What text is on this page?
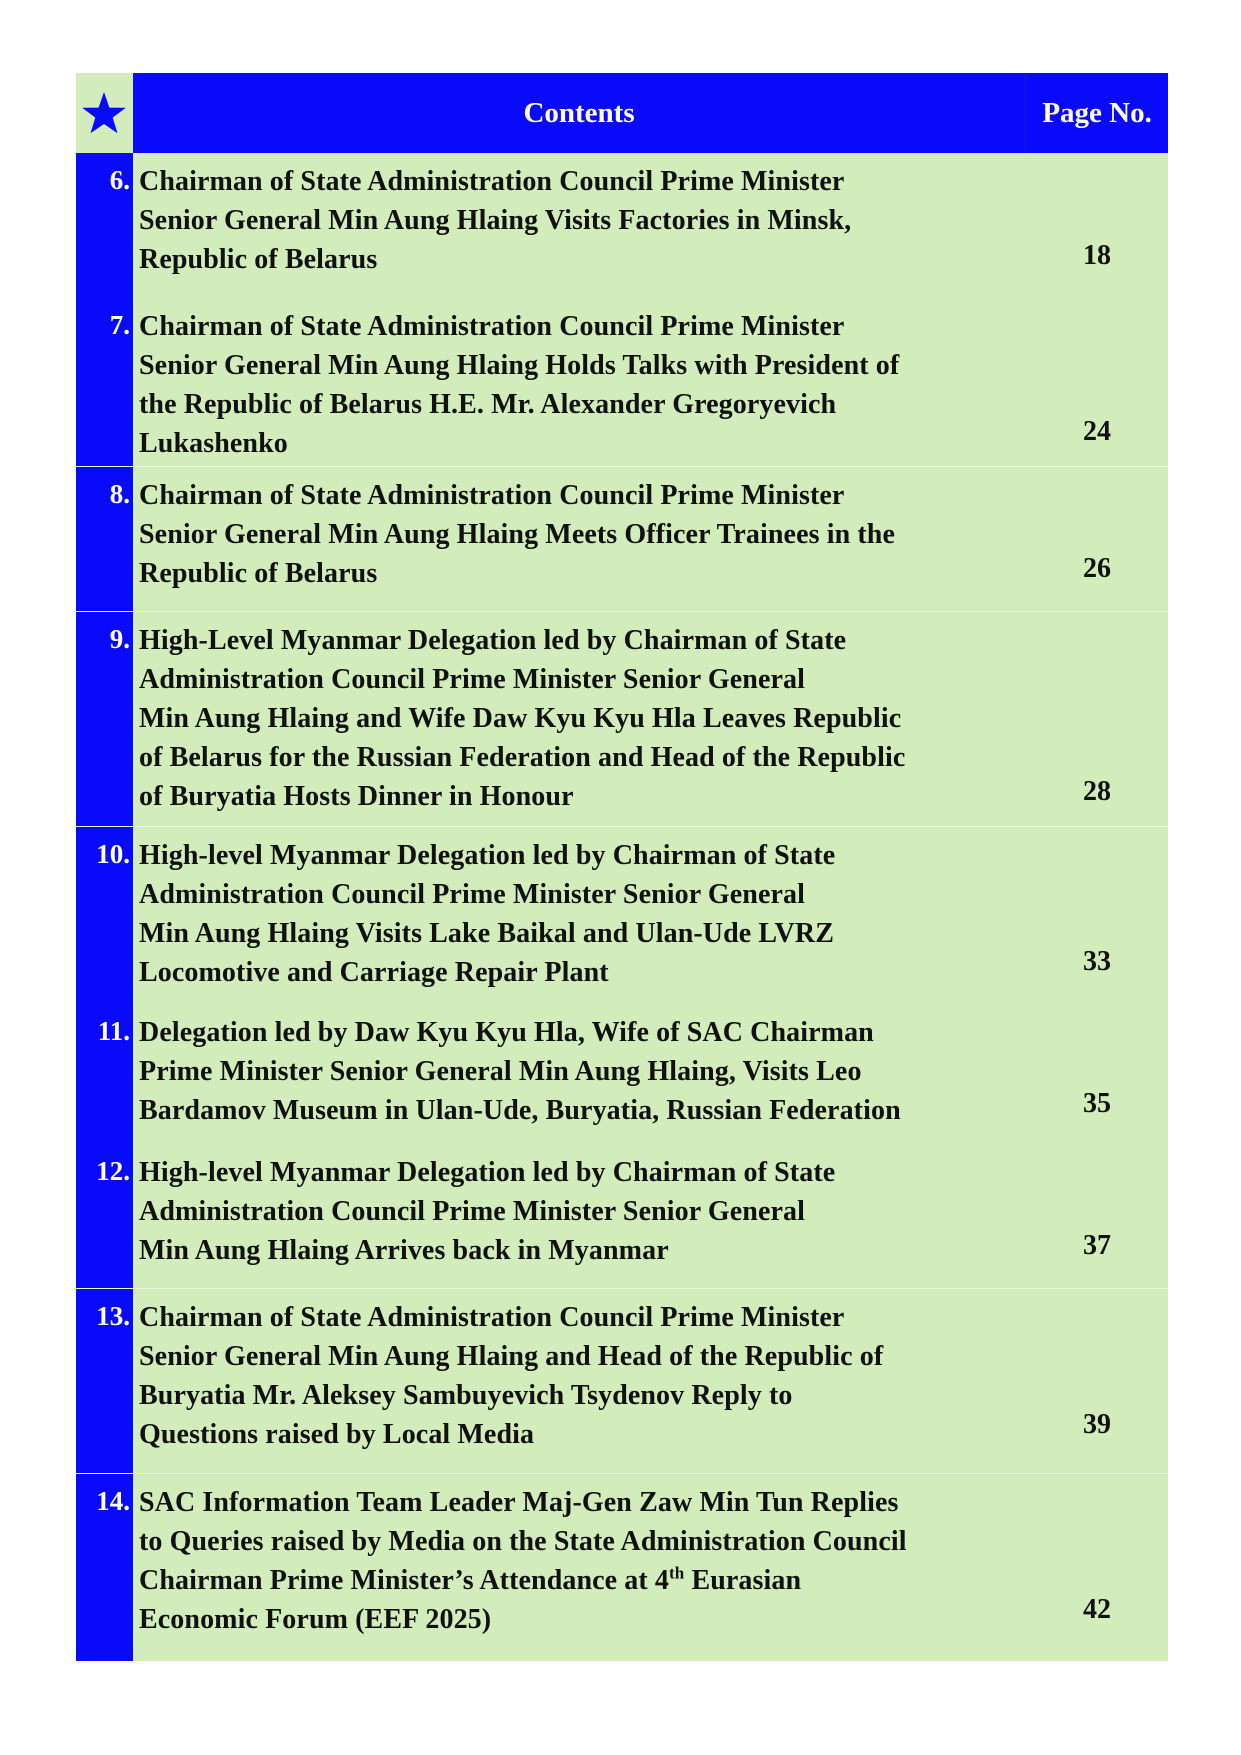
Contents	Page No.
6. Chairman of State Administration Council Prime Minister
Senior General Min Aung Hlaing Visits Factories in Minsk,
Republic of Belarus	18
7. Chairman of State Administration Council Prime Minister
Senior General Min Aung Hlaing Holds Talks with President of
the Republic of Belarus H.E. Mr. Alexander Gregoryevich
Lukashenko	24
8. Chairman of State Administration Council Prime Minister
Senior General Min Aung Hlaing Meets Officer Trainees in the
Republic of Belarus	26
9. High-Level Myanmar Delegation led by Chairman of State
Administration Council Prime Minister Senior General
Min Aung Hlaing and Wife Daw Kyu Kyu Hla Leaves Republic
of Belarus for the Russian Federation and Head of the Republic
of Buryatia Hosts Dinner in Honour	28
10. High-level Myanmar Delegation led by Chairman of State
Administration Council Prime Minister Senior General
Min Aung Hlaing Visits Lake Baikal and Ulan-Ude LVRZ
Locomotive and Carriage Repair Plant	33
11. Delegation led by Daw Kyu Kyu Hla, Wife of SAC Chairman
Prime Minister Senior General Min Aung Hlaing, Visits Leo
Bardamov Museum in Ulan-Ude, Buryatia, Russian Federation	35
12. High-level Myanmar Delegation led by Chairman of State
Administration Council Prime Minister Senior General
Min Aung Hlaing Arrives back in Myanmar	37
13. Chairman of State Administration Council Prime Minister
Senior General Min Aung Hlaing and Head of the Republic of
Buryatia Mr. Aleksey Sambuyevich Tsydenov Reply to
Questions raised by Local Media	39
14. SAC Information Team Leader Maj-Gen Zaw Min Tun Replies
to Queries raised by Media on the State Administration Council
Chairman Prime Minister’s Attendance at 4th Eurasian
Economic Forum (EEF 2025)	42
